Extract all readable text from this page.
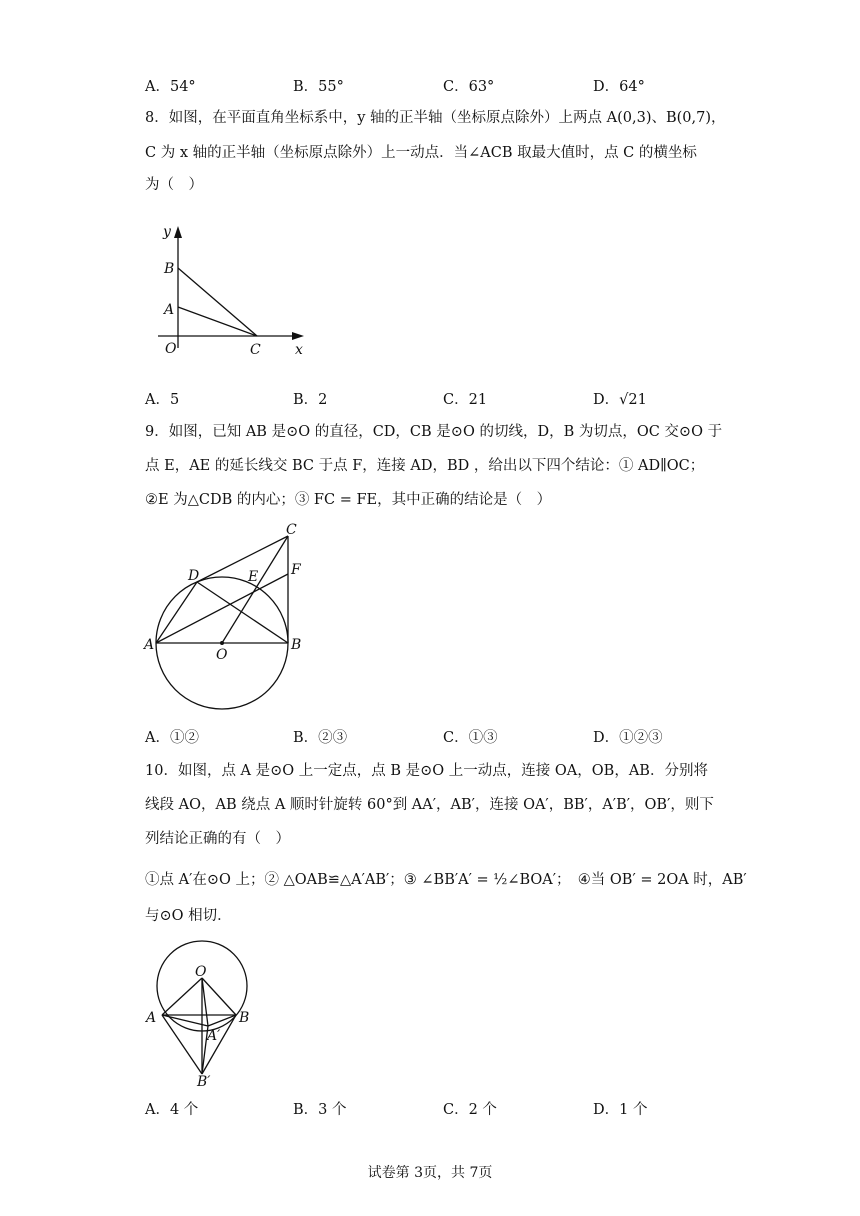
A．54°	B．55°	C．63°	D．64°
8．如图，在平面直角坐标系中，y 轴的正半轴（坐标原点除外）上两点 A(0,3)、B(0,7)，
C 为 x 轴的正半轴（坐标原点除外）上一动点．当∠ACB 取最大值时，点 C 的横坐标
为（　）
y
x
O
B
A
C
A．5	B．2	C．21	D．√21
9．如图，已知 AB 是⊙O 的直径，CD，CB 是⊙O 的切线，D，B 为切点，OC 交⊙O 于
点 E，AE 的延长线交 BC 于点 F，连接 AD，BD ，给出以下四个结论：① AD∥OC；
②E 为△CDB 的内心；③ FC = FE，其中正确的结论是（　）
C
F
D	E
A	B
O
A．①②	B．②③	C．①③	D．①②③
10．如图，点 A 是⊙O 上一定点，点 B 是⊙O 上一动点，连接 OA，OB，AB．分别将
线段 AO，AB 绕点 A 顺时针旋转 60°到 AA′，AB′，连接 OA′，BB′，A′B′，OB′，则下
列结论正确的有（　）
①点 A′在⊙O 上；② △OAB≌△A′AB′；③ ∠BB′A′ = ½∠BOA′；　④当 OB′ = 2OA 时，AB′
与⊙O 相切．
O
A	B
A′
B′
A．4 个	B．3 个	C．2 个	D．1 个
试卷第 3页，共 7页
